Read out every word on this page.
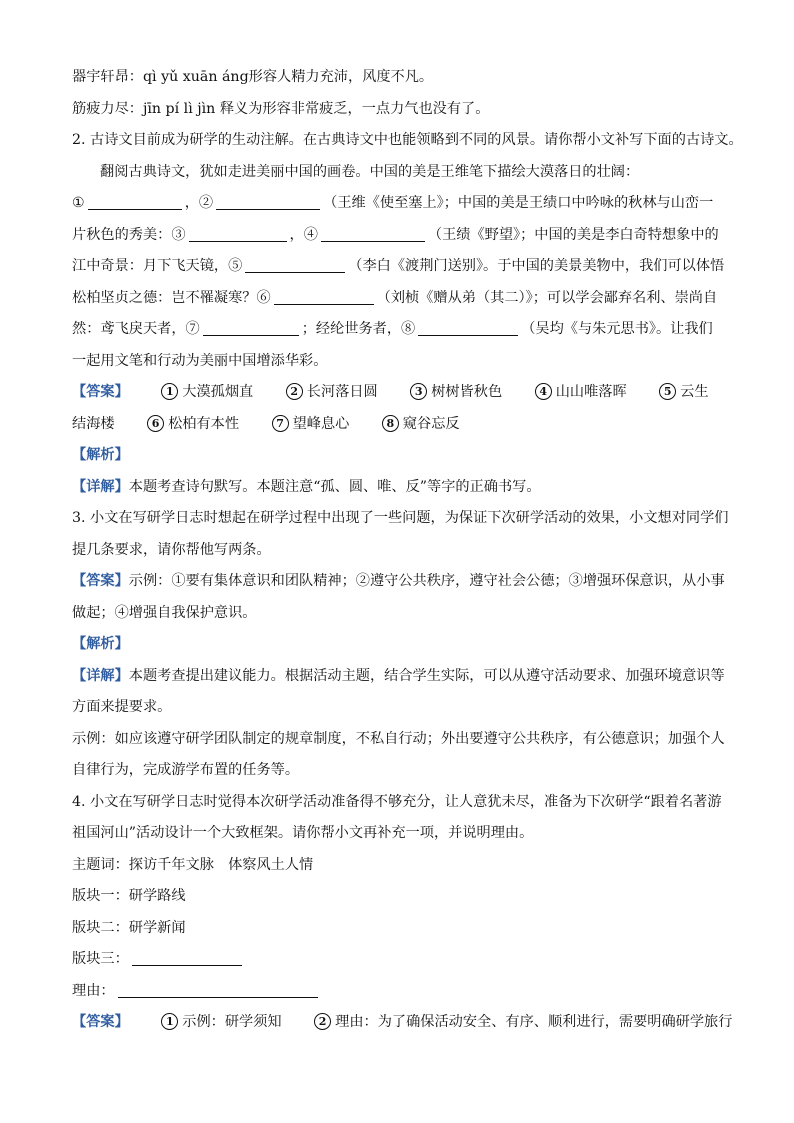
器宇轩昂：qì yǔ xuān áng形容人精力充沛，风度不凡。
筋疲力尽：jīn pí lì jìn 释义为形容非常疲乏，一点力气也没有了。
2. 古诗文目前成为研学的生动注解。在古典诗文中也能领略到不同的风景。请你帮小文补写下面的古诗文。
翻阅古典诗文，犹如走进美丽中国的画卷。中国的美是王维笔下描绘大漠落日的壮阔：
①	，②	（王维《使至塞上》；中国的美是王绩口中吟咏的秋林与山峦一
片秋色的秀美：③	，④	（王绩《野望》；中国的美是李白奇特想象中的
江中奇景：月下飞天镜，⑤	（李白《渡荆门送别》。于中国的美景美物中，我们可以体悟
松柏坚贞之德：岂不罹凝寒？⑥	（刘桢《赠从弟（其二）》；可以学会鄙弃名利、崇尚自
然：鸢飞戾天者，⑦	；经纶世务者，⑧	（吴均《与朱元思书》。让我们
一起用文笔和行动为美丽中国增添华彩。
【答案】	1 大漠孤烟直	2 长河落日圆	3 树树皆秋色	4 山山唯落晖	5 云生
结海楼	6 松柏有本性	7 望峰息心	8 窥谷忘反
【解析】
【详解】本题考查诗句默写。本题注意“孤、圆、唯、反”等字的正确书写。
3. 小文在写研学日志时想起在研学过程中出现了一些问题，为保证下次研学活动的效果，小文想对同学们
提几条要求，请你帮他写两条。
【答案】示例：①要有集体意识和团队精神；②遵守公共秩序，遵守社会公德；③增强环保意识，从小事
做起；④增强自我保护意识。
【解析】
【详解】本题考查提出建议能力。根据活动主题，结合学生实际，可以从遵守活动要求、加强环境意识等
方面来提要求。
示例：如应该遵守研学团队制定的规章制度，不私自行动；外出要遵守公共秩序，有公德意识；加强个人
自律行为，完成游学布置的任务等。
4. 小文在写研学日志时觉得本次研学活动准备得不够充分，让人意犹未尽，准备为下次研学“跟着名著游
祖国河山”活动设计一个大致框架。请你帮小文再补充一项，并说明理由。
主题词：探访千年文脉　体察风土人情
版块一：研学路线
版块二：研学新闻
版块三：
理由：
【答案】	1 示例：研学须知	2 理由：为了确保活动安全、有序、顺利进行，需要明确研学旅行
